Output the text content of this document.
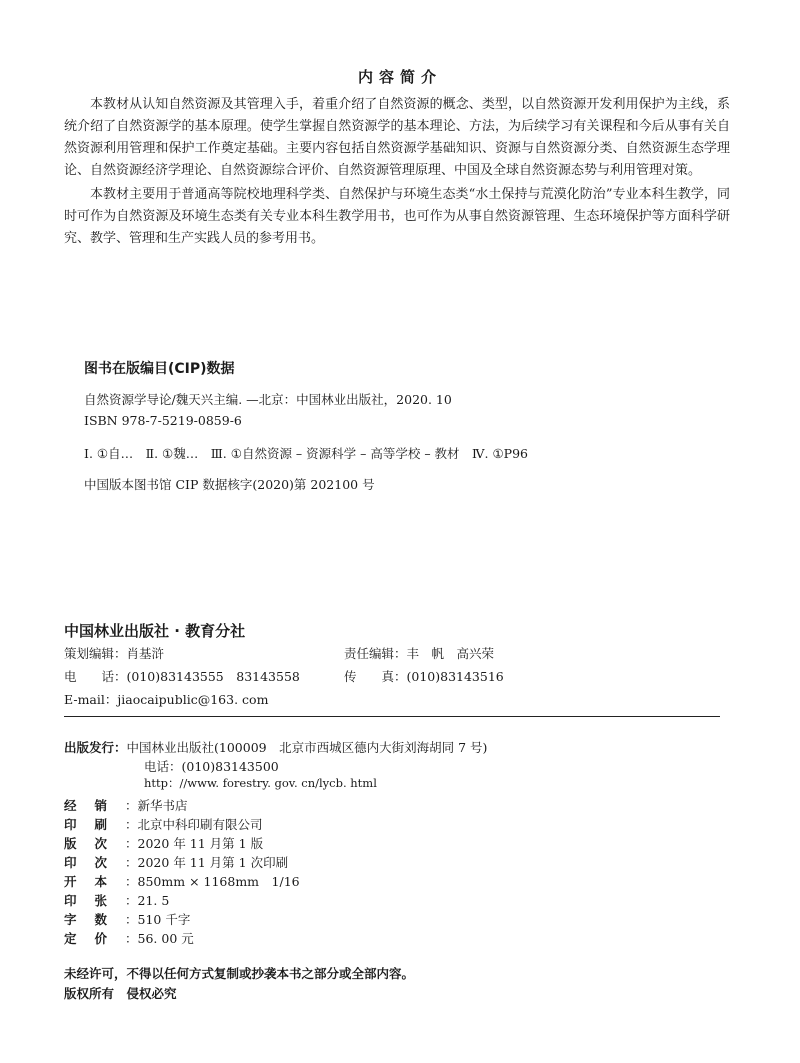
内容简介

本教材从认知自然资源及其管理入手，着重介绍了自然资源的概念、类型，以自然资源开发利用保护为主线，系统介绍了自然资源学的基本原理。使学生掌握自然资源学的基本理论、方法，为后续学习有关课程和今后从事有关自然资源利用管理和保护工作奠定基础。主要内容包括自然资源学基础知识、资源与自然资源分类、自然资源生态学理论、自然资源经济学理论、自然资源综合评价、自然资源管理原理、中国及全球自然资源态势与利用管理对策。

本教材主要用于普通高等院校地理科学类、自然保护与环境生态类“水土保持与荒漠化防治”专业本科生教学，同时可作为自然资源及环境生态类有关专业本科生教学用书，也可作为从事自然资源管理、生态环境保护等方面科学研究、教学、管理和生产实践人员的参考用书。

图书在版编目(CIP)数据
自然资源学导论/魏天兴主编. —北京：中国林业出版社，2020. 10
ISBN 978-7-5219-0859-6
Ⅰ. ①自…　Ⅱ. ①魏…　Ⅲ. ①自然资源 – 资源科学 – 高等学校 – 教材　Ⅳ. ①P96
中国版本图书馆 CIP 数据核字(2020)第 202100 号
中国林业出版社 · 教育分社
策划编辑：肖基浒	责任编辑：丰　帆　高兴荣
电　　话：(010)83143555　83143558	传　　真：(010)83143516
E-mail：jiaocaipublic@163. com
出版发行：中国林业出版社(100009　北京市西城区德内大街刘海胡同 7 号)
电话：(010)83143500
http：//www. forestry. gov. cn/lycb. html
经销：新华书店
印刷：北京中科印刷有限公司
版次：2020 年 11 月第 1 版
印次：2020 年 11 月第 1 次印刷
开本：850mm × 1168mm　1/16
印张：21. 5
字数：510 千字
定价：56. 00 元
未经许可，不得以任何方式复制或抄袭本书之部分或全部内容。
版权所有　侵权必究
